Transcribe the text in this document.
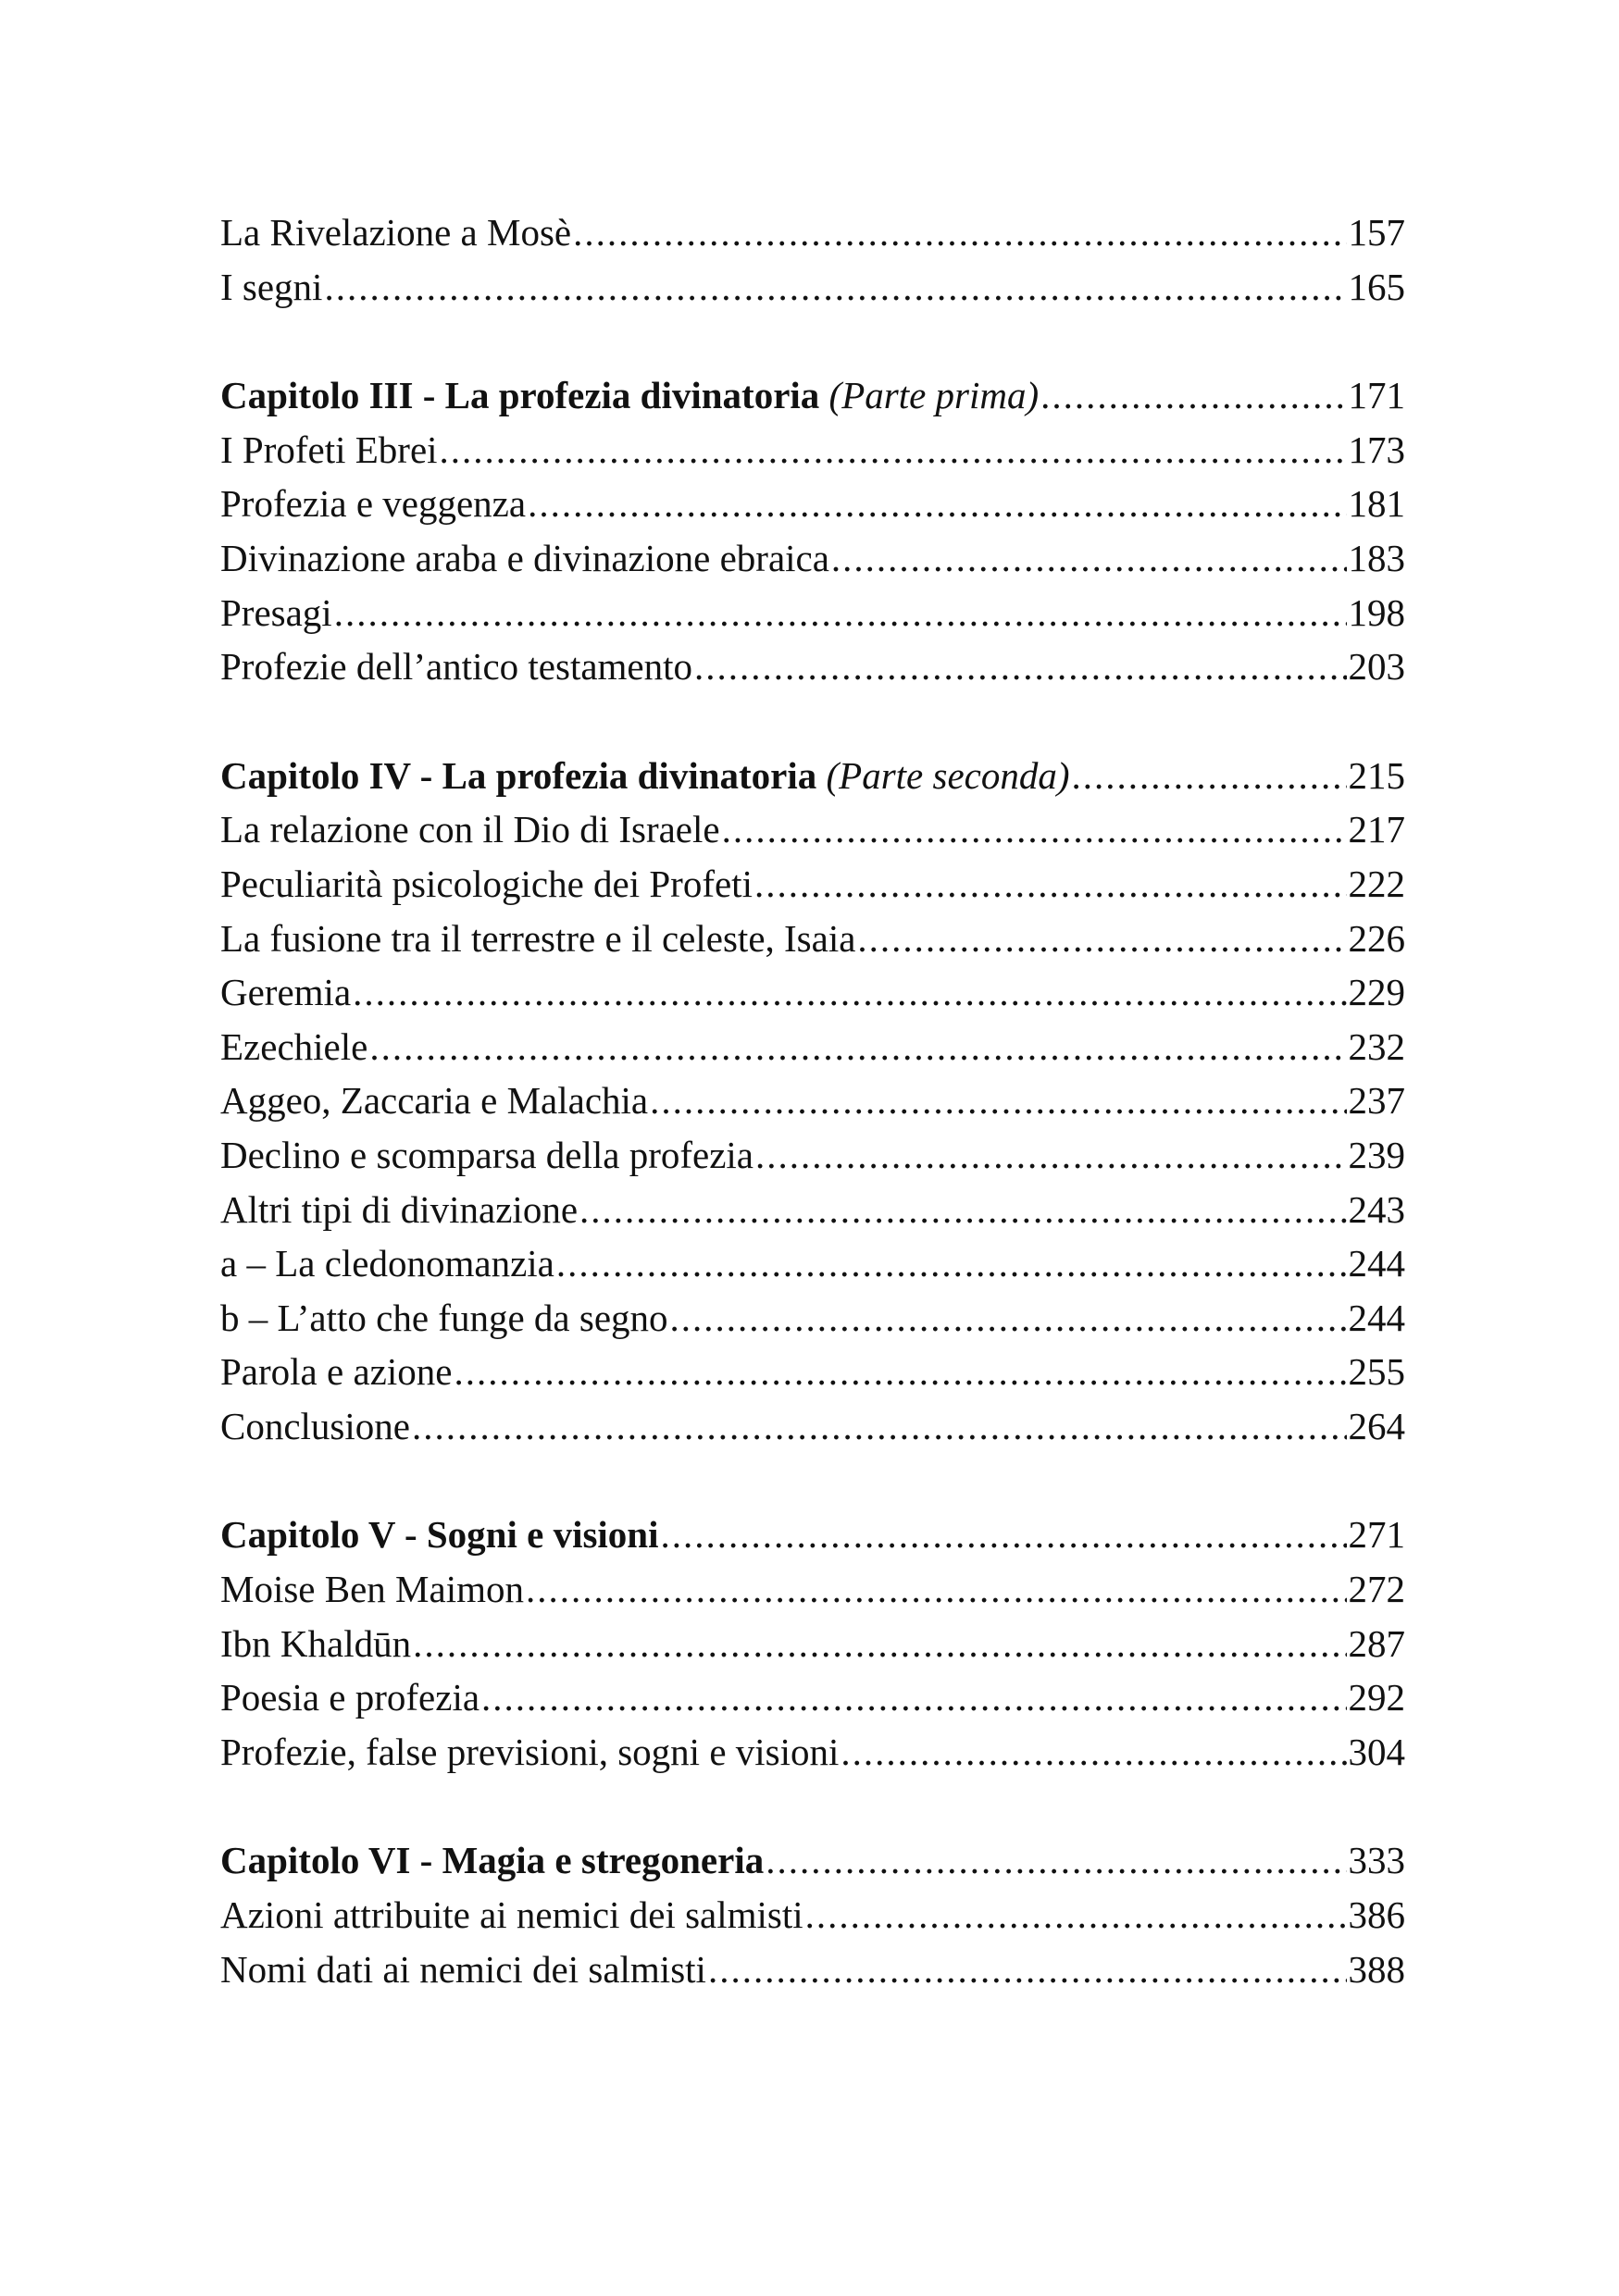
La Rivelazione a Mosè .....	157
I segni .....	165
Capitolo III - La profezia divinatoria (Parte prima) .....	171
I Profeti Ebrei .....	173
Profezia e veggenza .....	181
Divinazione araba e divinazione ebraica .....	183
Presagi .....	198
Profezie dell’antico testamento .....	203
Capitolo IV - La profezia divinatoria (Parte seconda) .....	215
La relazione con il Dio di Israele .....	217
Peculiarità psicologiche dei Profeti .....	222
La fusione tra il terrestre e il celeste, Isaia .....	226
Geremia .....	229
Ezechiele .....	232
Aggeo, Zaccaria e Malachia .....	237
Declino e scomparsa della profezia .....	239
Altri tipi di divinazione .....	243
a – La cledonomanzia .....	244
b – L’atto che funge da segno .....	244
Parola e azione .....	255
Conclusione .....	264
Capitolo V - Sogni e visioni .....	271
Moise Ben Maimon .....	272
Ibn Khaldūn .....	287
Poesia e profezia .....	292
Profezie, false previsioni, sogni e visioni .....	304
Capitolo VI - Magia e stregoneria .....	333
Azioni attribuite ai nemici dei salmisti .....	386
Nomi dati ai nemici dei salmisti .....	388
